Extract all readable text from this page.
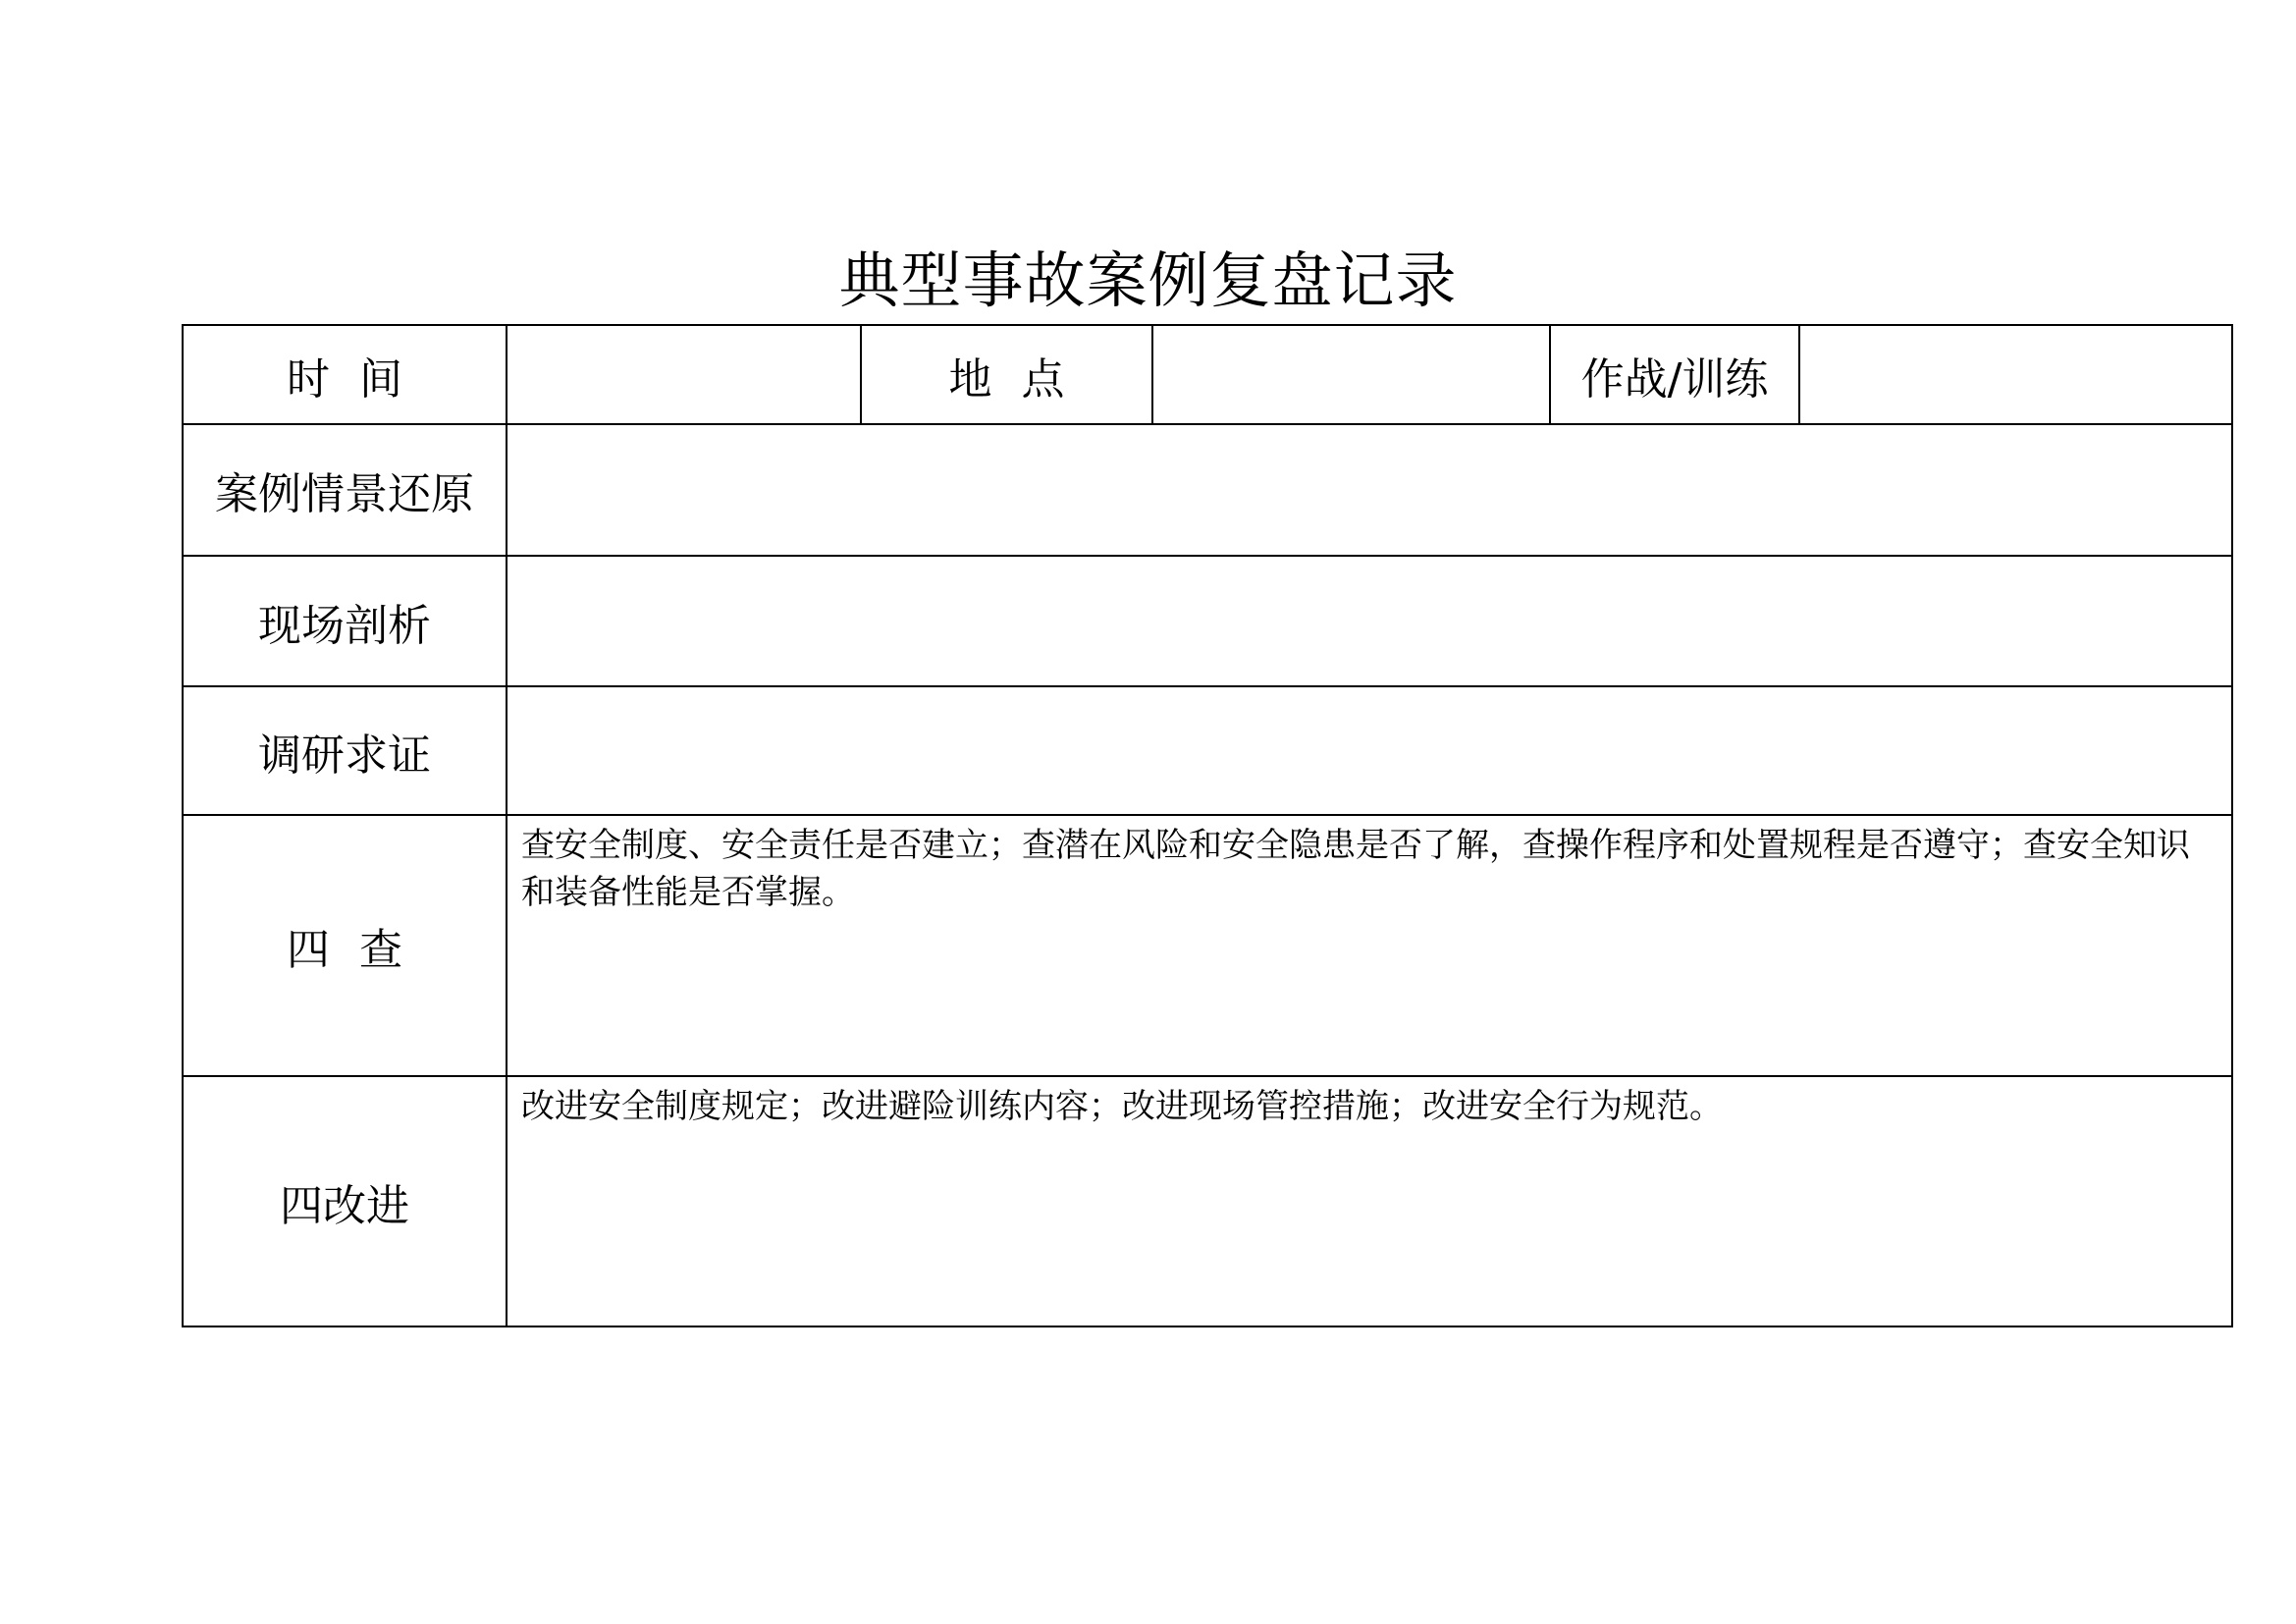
典型事故案例复盘记录
时间		地点		作战/训练	
案例情景还原					
现场剖析					
调研求证					
四查	查安全制度、安全责任是否建立；查潜在风险和安全隐患是否了解，查操作程序和处置规程是否遵守；查安全知识和装备性能是否掌握。				
四改进	改进安全制度规定；改进避险训练内容；改进现场管控措施；改进安全行为规范。				
